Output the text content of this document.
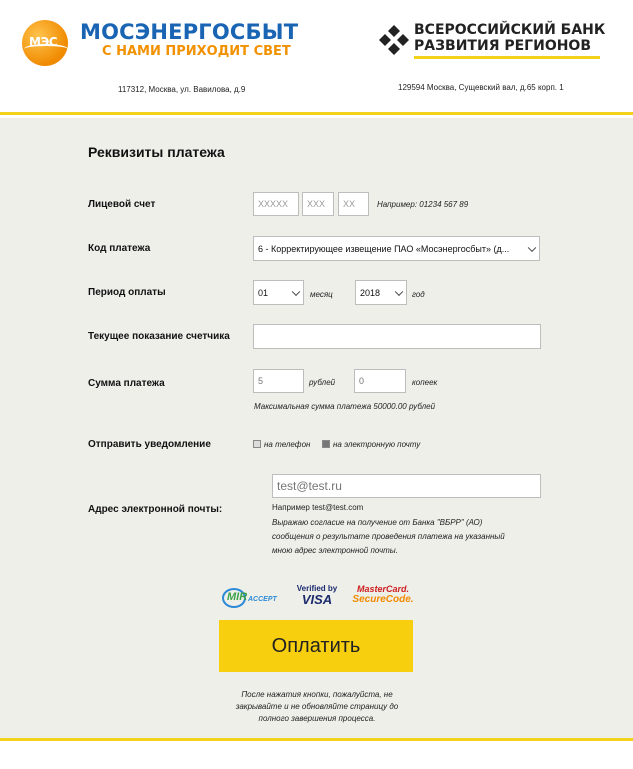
МЭС МОСЭНЕРГОСБЫТ
С НАМИ ПРИХОДИТ СВЕТ
117312, Москва, ул. Вавилова, д.9
ВСЕРОССИЙСКИЙ БАНК
РАЗВИТИЯ РЕГИОНОВ
129594 Москва, Сущевский вал, д.65 корп. 1
Реквизиты платежа
Лицевой счет	XXXXX	XXX	XX	Например: 01234 567 89
Код платежа	6 - Корректирующее извещение ПАО «Мосэнергосбыт» (д...
Период оплаты	01	месяц	2018	год
Текущее показание счетчика
Сумма платежа	5	рублей	0	копеек
Максимальная сумма платежа 50000.00 рублей
Отправить уведомление	на телефон	на электронную почту
Адрес электронной почты:
test@test.ru	Например test@test.com
Выражаю согласие на получение от Банка "ВБРР" (АО)
сообщения о результате проведения платежа на указанный
мною адрес электронной почты.
MIR ACCEPT
Verified by
VISA
MasterCard.
SecureCode.
Оплатить
После нажатия кнопки, пожалуйста, не
закрывайте и не обновляйте страницу до
полного завершения процесса.
